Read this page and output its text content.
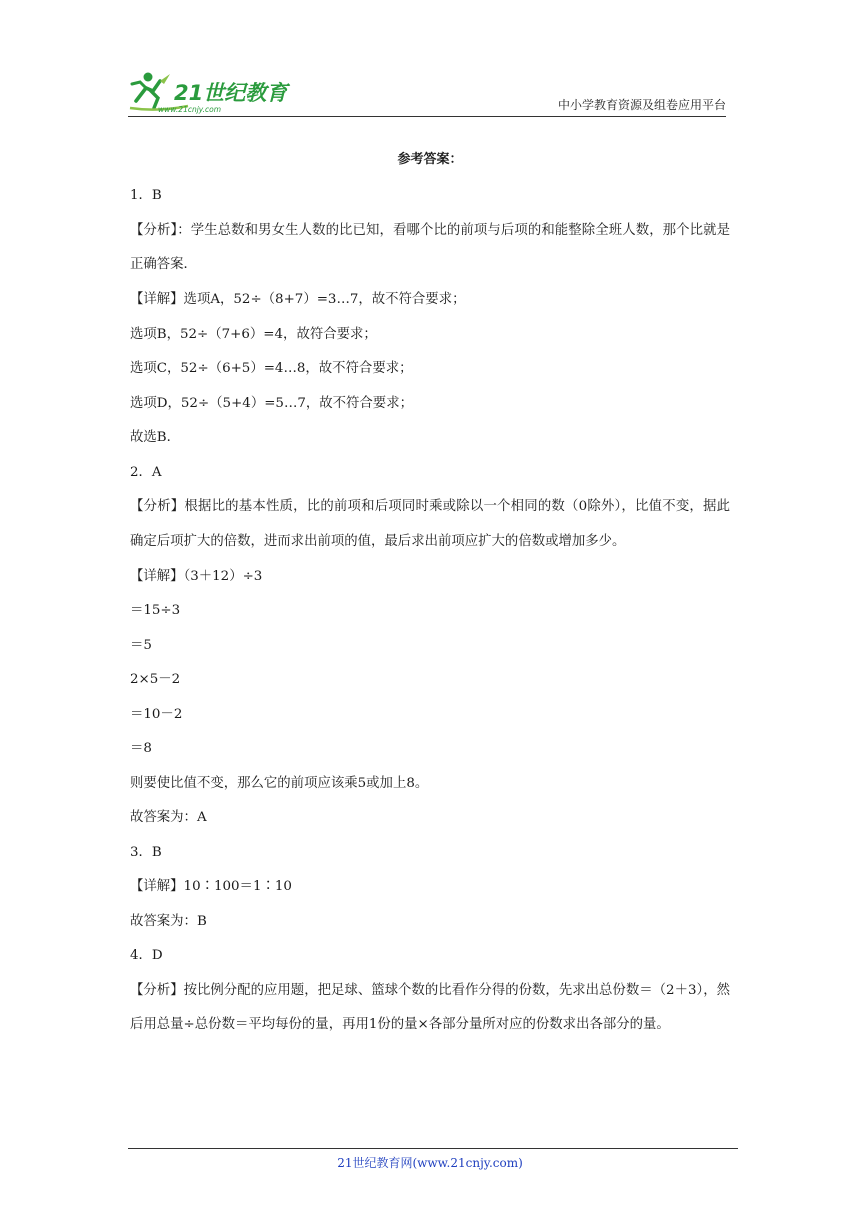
21世纪教育
www.21cnjy.com	中小学教育资源及组卷应用平台
参考答案：
1．B
【分析】：学生总数和男女生人数的比已知，看哪个比的前项与后项的和能整除全班人数，那个比就是正确答案．
【详解】选项A，52÷（8+7）=3…7，故不符合要求；
选项B，52÷（7+6）=4，故符合要求；
选项C，52÷（6+5）=4…8，故不符合要求；
选项D，52÷（5+4）=5…7，故不符合要求；
故选B．
2．A
【分析】根据比的基本性质，比的前项和后项同时乘或除以一个相同的数（0除外），比值不变，据此确定后项扩大的倍数，进而求出前项的值，最后求出前项应扩大的倍数或增加多少。
【详解】（3＋12）÷3
＝15÷3
＝5
2×5－2
＝10－2
＝8
则要使比值不变，那么它的前项应该乘5或加上8。
故答案为：A
3．B
【详解】10∶100＝1∶10
故答案为：B
4．D
【分析】按比例分配的应用题，把足球、篮球个数的比看作分得的份数，先求出总份数＝（2＋3），然后用总量÷总份数＝平均每份的量，再用1份的量×各部分量所对应的份数求出各部分的量。
21世纪教育网(www.21cnjy.com)
